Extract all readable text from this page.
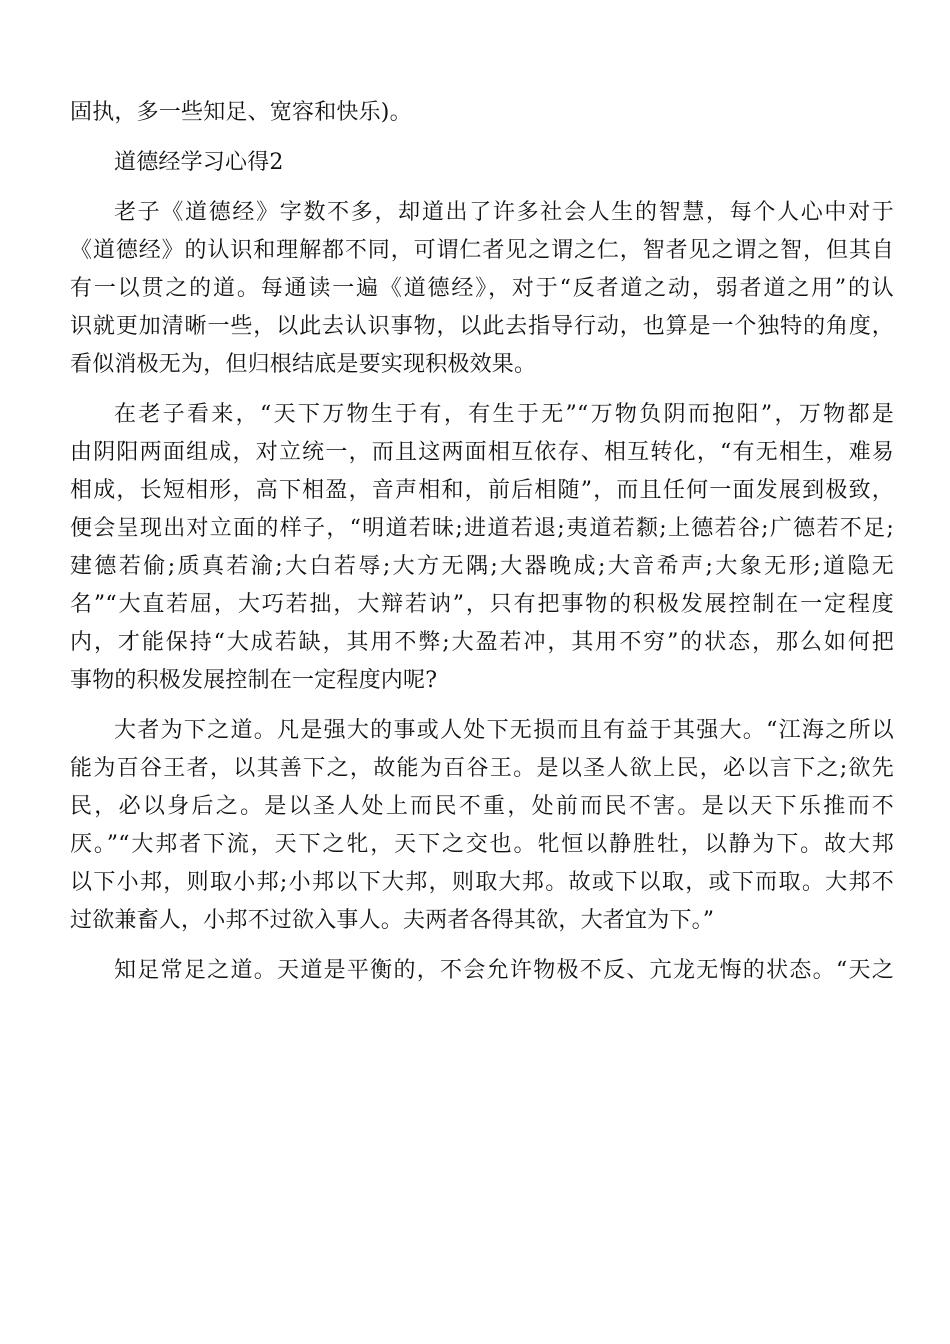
固执，多一些知足、宽容和快乐)。
道德经学习心得2
老子《道德经》字数不多，却道出了许多社会人生的智慧，每个人心中对于
《道德经》的认识和理解都不同，可谓仁者见之谓之仁，智者见之谓之智，但其自
有一以贯之的道。每通读一遍《道德经》，对于“反者道之动，弱者道之用”的认
识就更加清晰一些，以此去认识事物，以此去指导行动，也算是一个独特的角度，
看似消极无为，但归根结底是要实现积极效果。
在老子看来，“天下万物生于有，有生于无”“万物负阴而抱阳”，万物都是
由阴阳两面组成，对立统一，而且这两面相互依存、相互转化，“有无相生，难易
相成，长短相形，高下相盈，音声相和，前后相随”，而且任何一面发展到极致，
便会呈现出对立面的样子，“明道若昧;进道若退;夷道若颣;上德若谷;广德若不足;
建德若偷;质真若渝;大白若辱;大方无隅;大器晚成;大音希声;大象无形;道隐无
名”“大直若屈，大巧若拙，大辩若讷”，只有把事物的积极发展控制在一定程度
内，才能保持“大成若缺，其用不弊;大盈若冲，其用不穷”的状态，那么如何把
事物的积极发展控制在一定程度内呢?
大者为下之道。凡是强大的事或人处下无损而且有益于其强大。“江海之所以
能为百谷王者，以其善下之，故能为百谷王。是以圣人欲上民，必以言下之;欲先
民，必以身后之。是以圣人处上而民不重，处前而民不害。是以天下乐推而不
厌。”“大邦者下流，天下之牝，天下之交也。牝恒以静胜牡，以静为下。故大邦
以下小邦，则取小邦;小邦以下大邦，则取大邦。故或下以取，或下而取。大邦不
过欲兼畜人，小邦不过欲入事人。夫两者各得其欲，大者宜为下。”
知足常足之道。天道是平衡的，不会允许物极不反、亢龙无悔的状态。“天之
